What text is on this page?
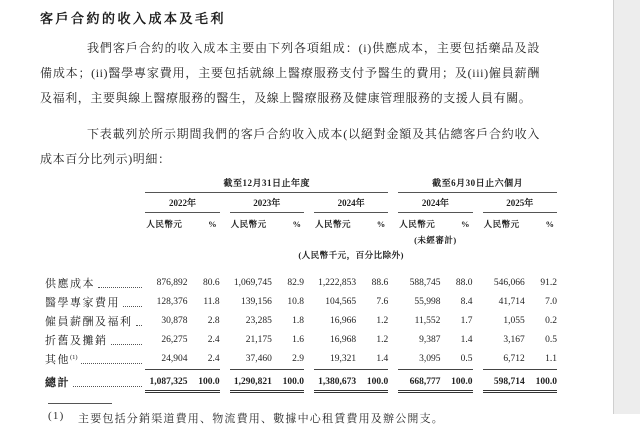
客戶合約的收入成本及毛利

我們客戶合約的收入成本主要由下列各項組成：(i)供應成本，主要包括藥品及設備成本；(ii)醫學專家費用，主要包括就線上醫療服務支付予醫生的費用；及(iii)僱員薪酬及福利，主要與線上醫療服務的醫生，及線上醫療服務及健康管理服務的支援人員有關。

下表載列於所示期間我們的客戶合約收入成本(以絕對金額及其佔總客戶合約收入成本百分比列示)明細：

	截至12月31日止年度									截至6月30日止六個月				
	2022年			2023年			2024年			2024年			2025年	
	人民幣元	%		人民幣元	%		人民幣元	%		人民幣元	%		人民幣元	%
										(未經審計)				
	(人民幣千元，百分比除外)													

供應成本	876,892	80.6		1,069,745	82.9		1,222,853	88.6		588,745	88.0		546,066	91.2

醫學專家費用	128,376	11.8		139,156	10.8		104,565	7.6		55,998	8.4		41,714	7.0

僱員薪酬及福利	30,878	2.8		23,285	1.8		16,966	1.2		11,552	1.7		1,055	0.2

折舊及攤銷	26,275	2.4		21,175	1.6		16,968	1.2		9,387	1.4		3,167	0.5

其他$^{(1)}$	24,904	2.4		37,460	2.9		19,321	1.4		3,095	0.5		6,712	1.1

總計	1,087,325	100.0		1,290,821	100.0		1,380,673	100.0		668,777	100.0		598,714	100.0
(1)	主要包括分銷渠道費用、物流費用、數據中心租賃費用及辦公開支。
